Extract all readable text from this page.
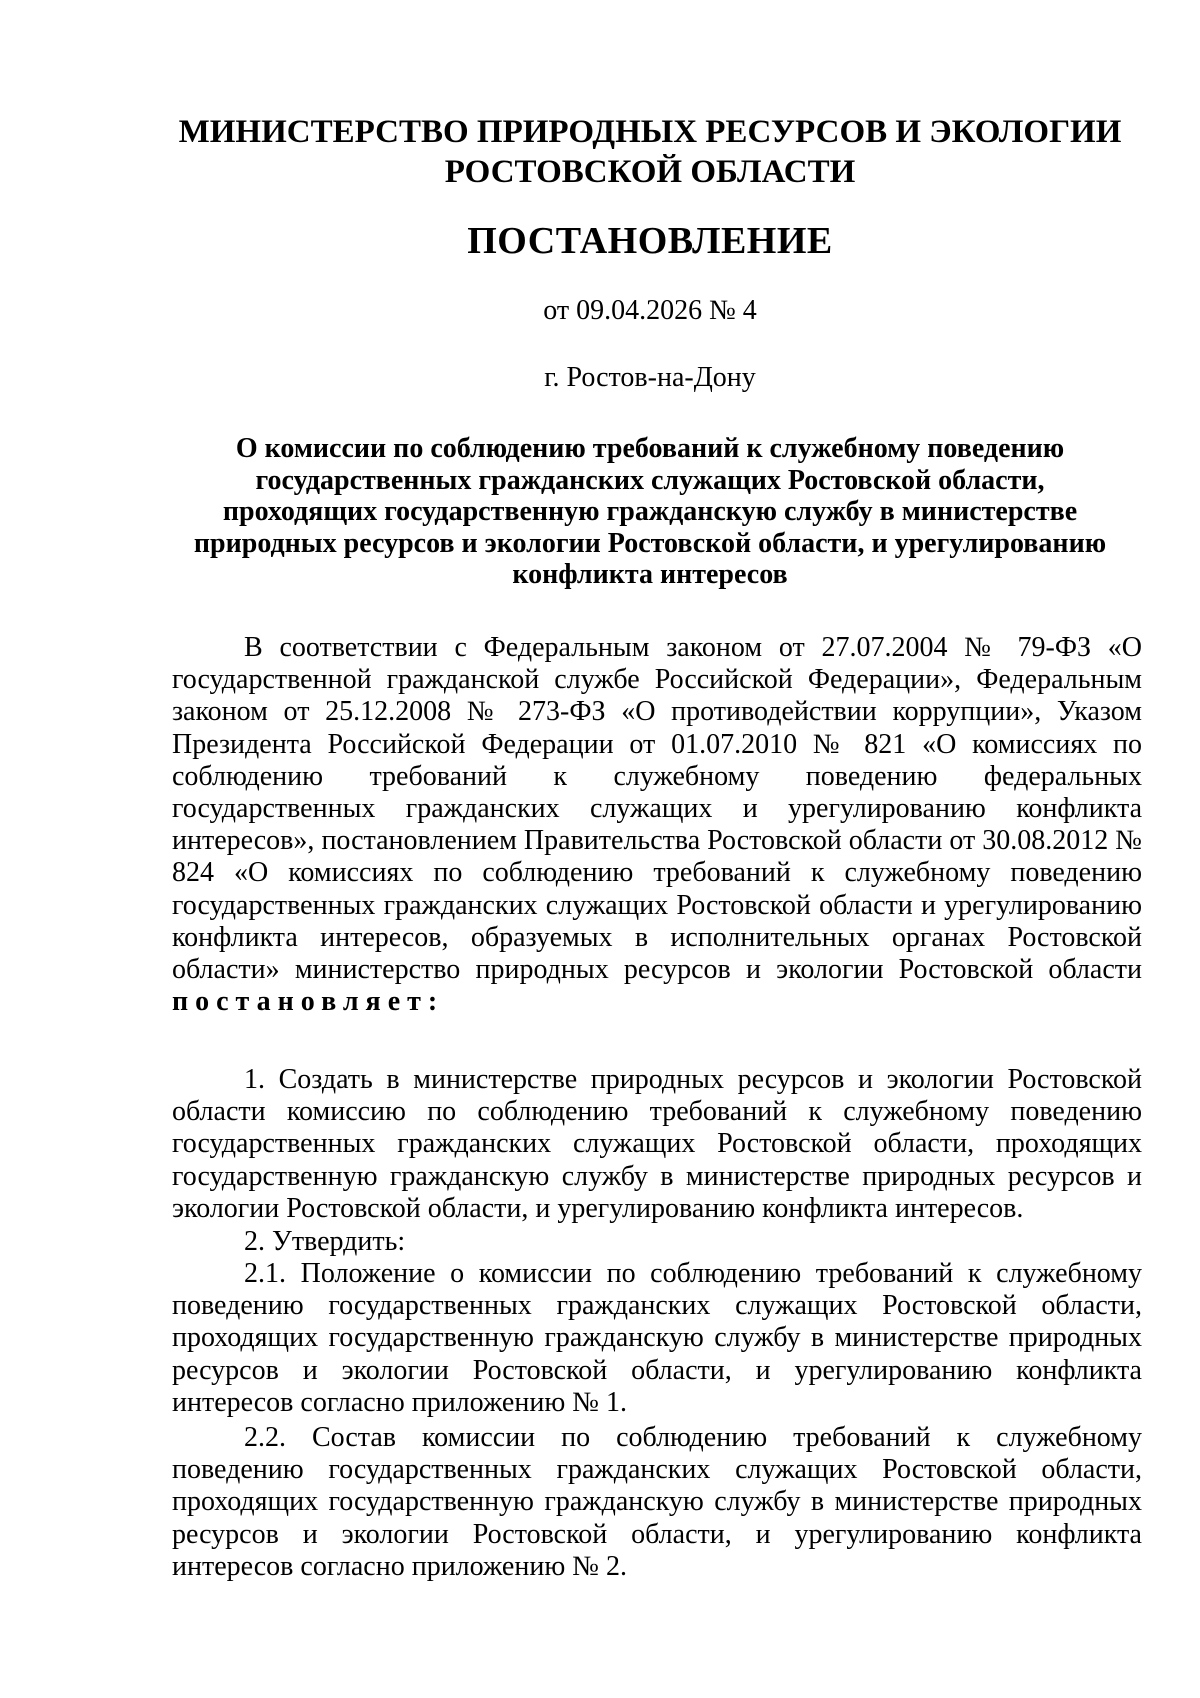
МИНИСТЕРСТВО ПРИРОДНЫХ РЕСУРСОВ И ЭКОЛОГИИ
РОСТОВСКОЙ ОБЛАСТИ
ПОСТАНОВЛЕНИЕ

от 09.04.2026 № 4

г. Ростов-на-Дону

О комиссии по соблюдению требований к служебному поведению
государственных гражданских служащих Ростовской области,
проходящих государственную гражданскую службу в министерстве
природных ресурсов и экологии Ростовской области, и урегулированию
конфликта интересов

В соответствии с Федеральным законом от 27.07.2004 № 79-ФЗ «О государственной гражданской службе Российской Федерации», Федеральным законом от 25.12.2008 № 273-ФЗ «О противодействии коррупции», Указом Президента Российской Федерации от 01.07.2010 № 821 «О комиссиях по соблюдению требований к служебному поведению федеральных государственных гражданских служащих и урегулированию конфликта интересов», постановлением Правительства Ростовской области от 30.08.2012 № 824 «О комиссиях по соблюдению требований к служебному поведению государственных гражданских служащих Ростовской области и урегулированию конфликта интересов, образуемых в исполнительных органах Ростовской области» министерство природных ресурсов и экологии Ростовской области постановляет:

1. Создать в министерстве природных ресурсов и экологии Ростовской области комиссию по соблюдению требований к служебному поведению государственных гражданских служащих Ростовской области, проходящих государственную гражданскую службу в министерстве природных ресурсов и экологии Ростовской области, и урегулированию конфликта интересов.

2. Утвердить:

2.1. Положение о комиссии по соблюдению требований к служебному поведению государственных гражданских служащих Ростовской области, проходящих государственную гражданскую службу в министерстве природных ресурсов и экологии Ростовской области, и урегулированию конфликта интересов согласно приложению № 1.

2.2. Состав комиссии по соблюдению требований к служебному поведению государственных гражданских служащих Ростовской области, проходящих государственную гражданскую службу в министерстве природных ресурсов и экологии Ростовской области, и урегулированию конфликта интересов согласно приложению № 2.
